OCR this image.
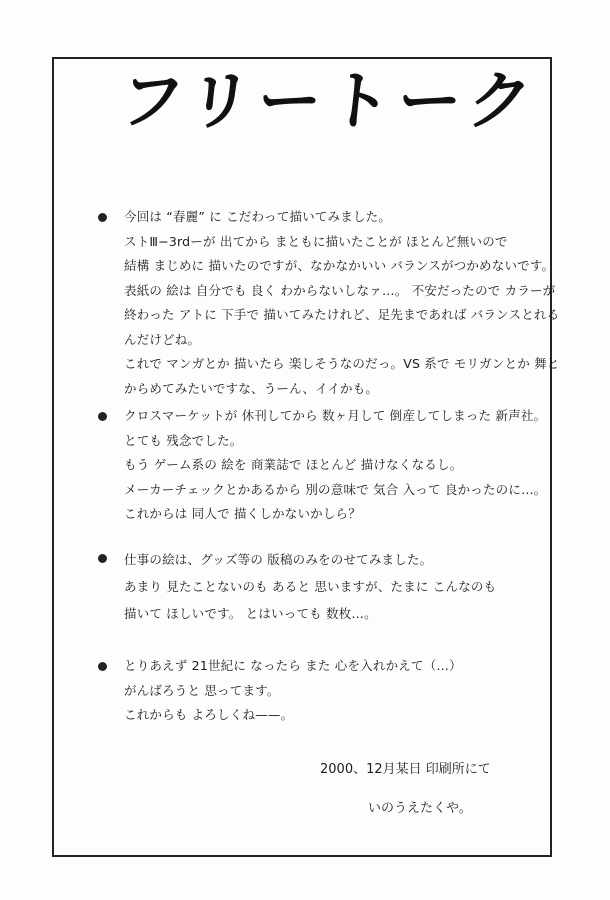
フリートーク
今回は “春麗” に こだわって描いてみました。
ストⅢ−3rdーが 出てから まともに描いたことが ほとんど無いので
結構 まじめに 描いたのですが、なかなかいい バランスがつかめないです。
表紙の 絵は 自分でも 良く わからないしなァ…。 不安だったので カラーが
終わった アトに 下手で 描いてみたけれど、足先まであれば バランスとれる
んだけどね。
これで マンガとか 描いたら 楽しそうなのだっ。VS 系で モリガンとか 舞と
からめてみたいですな、うーん、イイかも。
クロスマーケットが 休刊してから 数ヶ月して 倒産してしまった 新声社。
とても 残念でした。
もう ゲーム系の 絵を 商業誌で ほとんど 描けなくなるし。
メーカーチェックとかあるから 別の意味で 気合 入って 良かったのに…。
これからは 同人で 描くしかないかしら？
仕事の絵は、グッズ等の 版稿のみをのせてみました。
あまり 見たことないのも あると 思いますが、たまに こんなのも
描いて ほしいです。 とはいっても 数枚…。
とりあえず 21世紀に なったら また 心を入れかえて（…）
がんばろうと 思ってます。
これからも よろしくね——。
2000、12月某日 印刷所にて
いのうえたくや。
